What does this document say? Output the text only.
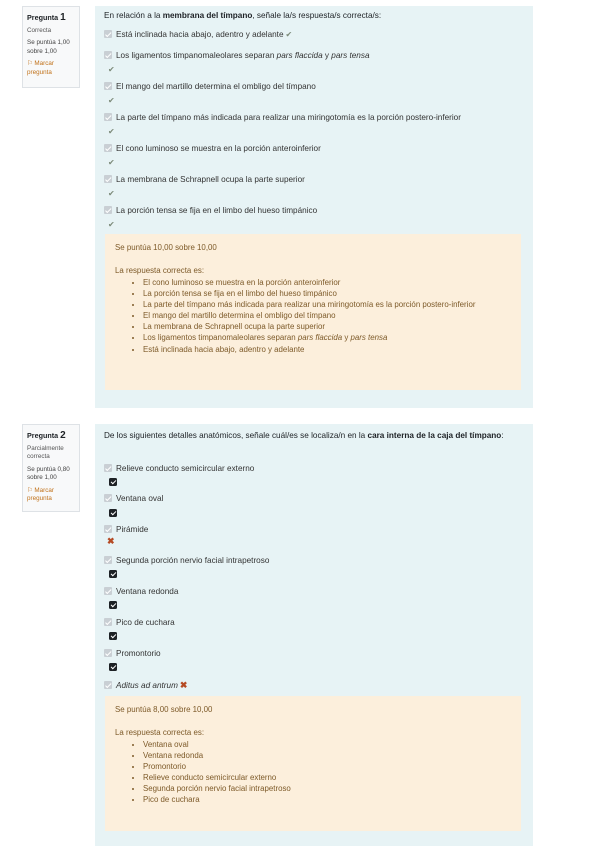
Pregunta 1
Correcta
Se puntúa 1,00 sobre 1,00
⚐ Marcar pregunta
En relación a la membrana del tímpano, señale la/s respuesta/s correcta/s:
Está inclinada hacia abajo, adentro y adelante ✔
Los ligamentos timpanomaleolares separan pars flaccida y pars tensa
✔
El mango del martillo determina el ombligo del tímpano
✔
La parte del tímpano más indicada para realizar una miringotomía es la porción postero-inferior
✔
El cono luminoso se muestra en la porción anteroinferior
✔
La membrana de Schrapnell ocupa la parte superior
✔
La porción tensa se fija en el limbo del hueso timpánico
✔
Se puntúa 10,00 sobre 10,00
La respuesta correcta es:
• El cono luminoso se muestra en la porción anteroinferior
• La porción tensa se fija en el limbo del hueso timpánico
• La parte del tímpano más indicada para realizar una miringotomía es la porción postero-inferior
• El mango del martillo determina el ombligo del tímpano
• La membrana de Schrapnell ocupa la parte superior
• Los ligamentos timpanomaleolares separan pars flaccida y pars tensa
• Está inclinada hacia abajo, adentro y adelante
Pregunta 2
Parcialmente correcta
Se puntúa 0,80 sobre 1,00
⚐ Marcar pregunta
De los siguientes detalles anatómicos, señale cuál/es se localiza/n en la cara interna de la caja del tímpano:
Relieve conducto semicircular externo
Ventana oval
Pirámide
✖
Segunda porción nervio facial intrapetroso
Ventana redonda
Pico de cuchara
Promontorio
Aditus ad antrum ✖
Se puntúa 8,00 sobre 10,00
La respuesta correcta es:
• Ventana oval
• Ventana redonda
• Promontorio
• Relieve conducto semicircular externo
• Segunda porción nervio facial intrapetroso
• Pico de cuchara
